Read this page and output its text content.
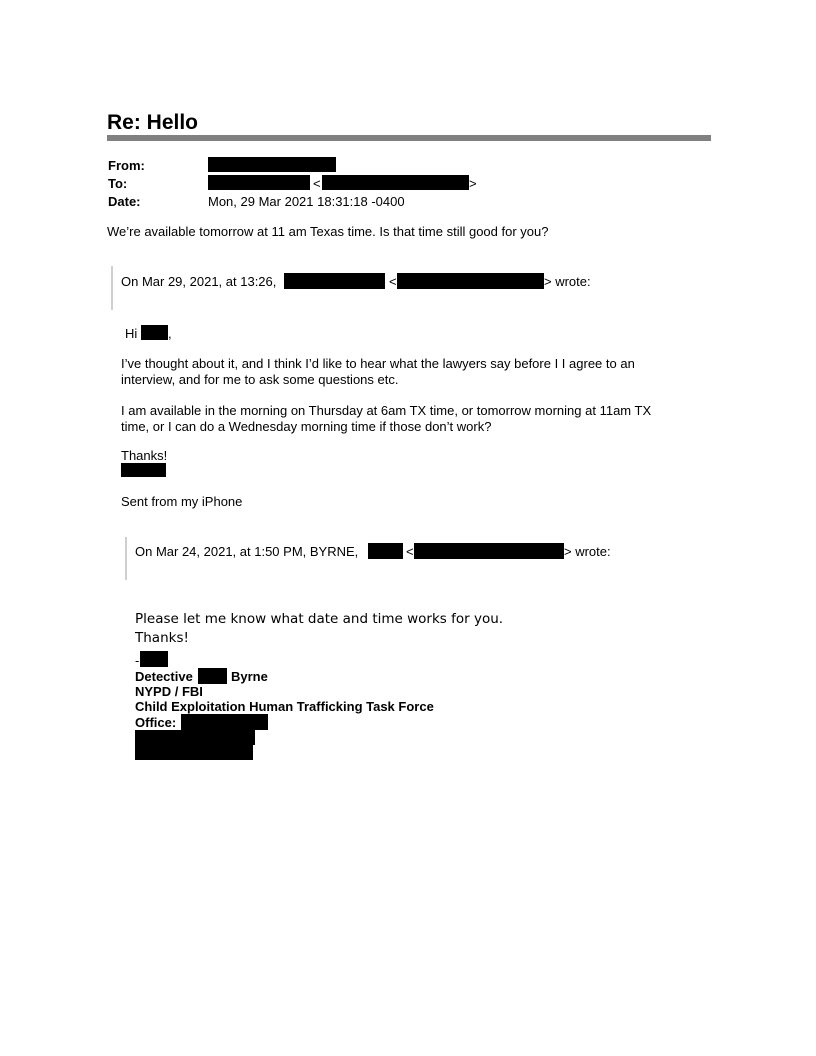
Re: Hello
From:
To:	<	>
Date:	Mon, 29 Mar 2021 18:31:18 -0400
We’re available tomorrow at 11 am Texas time. Is that time still good for you?
On Mar 29, 2021, at 13:26,	<	> wrote:
Hi ,
I’ve thought about it, and I think I’d like to hear what the lawyers say before I I agree to an
interview, and for me to ask some questions etc.
I am available in the morning on Thursday at 6am TX time, or tomorrow morning at 11am TX
time, or I can do a Wednesday morning time if those don’t work?
Thanks!
Sent from my iPhone
On Mar 24, 2021, at 1:50 PM, BYRNE,	<	> wrote:
Please let me know what date and time works for you.
Thanks!
-
Detective	Byrne
NYPD / FBI
Child Exploitation Human Trafficking Task Force
Office:
